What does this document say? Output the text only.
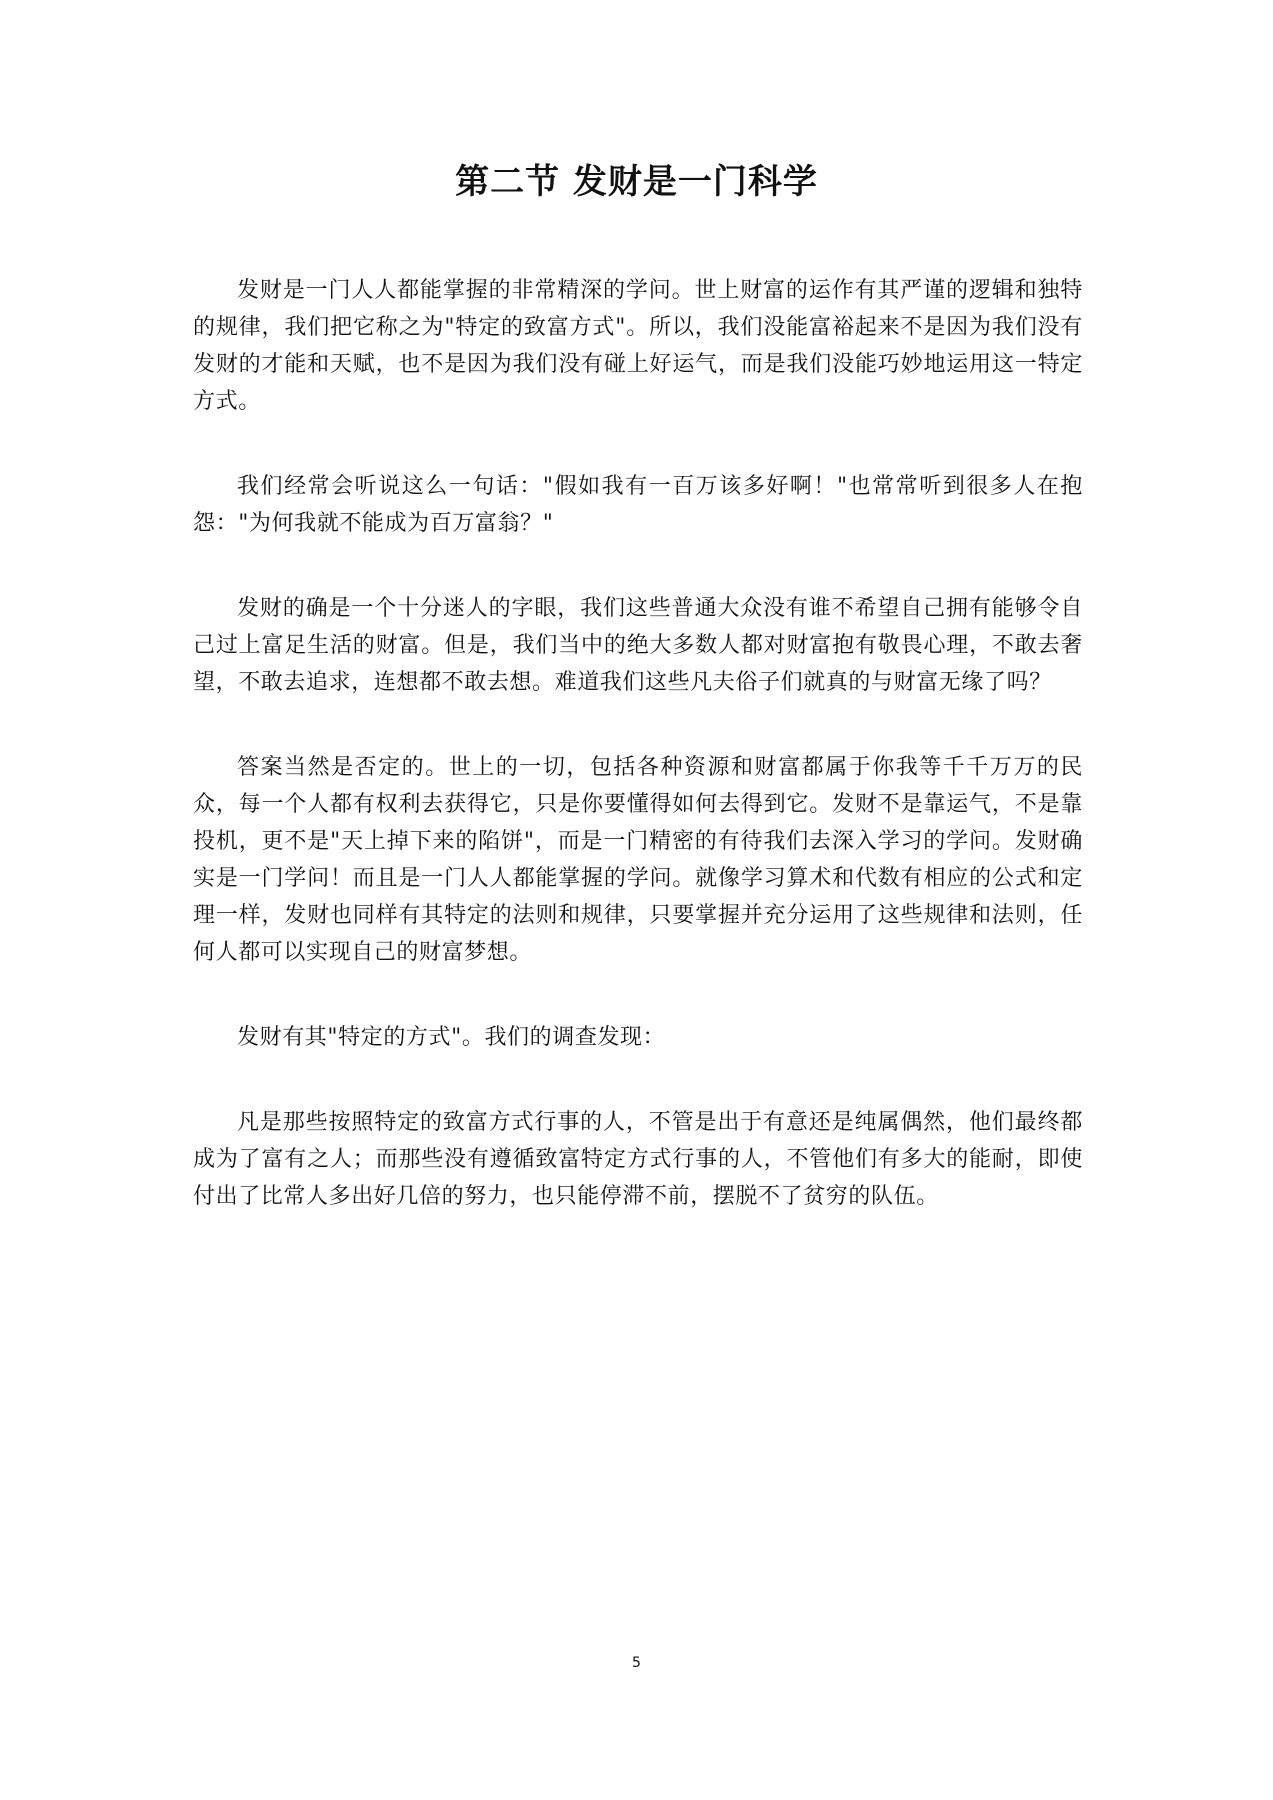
第二节 发财是一门科学

发财是一门人人都能掌握的非常精深的学问。世上财富的运作有其严谨的逻辑和独特的规律，我们把它称之为"特定的致富方式"。所以，我们没能富裕起来不是因为我们没有发财的才能和天赋，也不是因为我们没有碰上好运气，而是我们没能巧妙地运用这一特定方式。

我们经常会听说这么一句话："假如我有一百万该多好啊！"也常常听到很多人在抱怨："为何我就不能成为百万富翁？"

发财的确是一个十分迷人的字眼，我们这些普通大众没有谁不希望自己拥有能够令自己过上富足生活的财富。但是，我们当中的绝大多数人都对财富抱有敬畏心理，不敢去奢望，不敢去追求，连想都不敢去想。难道我们这些凡夫俗子们就真的与财富无缘了吗？

答案当然是否定的。世上的一切，包括各种资源和财富都属于你我等千千万万的民众，每一个人都有权利去获得它，只是你要懂得如何去得到它。发财不是靠运气，不是靠投机，更不是"天上掉下来的陷饼"，而是一门精密的有待我们去深入学习的学问。发财确实是一门学问！而且是一门人人都能掌握的学问。就像学习算术和代数有相应的公式和定理一样，发财也同样有其特定的法则和规律，只要掌握并充分运用了这些规律和法则，任何人都可以实现自己的财富梦想。

发财有其"特定的方式"。我们的调查发现：

凡是那些按照特定的致富方式行事的人，不管是出于有意还是纯属偶然，他们最终都成为了富有之人；而那些没有遵循致富特定方式行事的人，不管他们有多大的能耐，即使付出了比常人多出好几倍的努力，也只能停滞不前，摆脱不了贫穷的队伍。

5
